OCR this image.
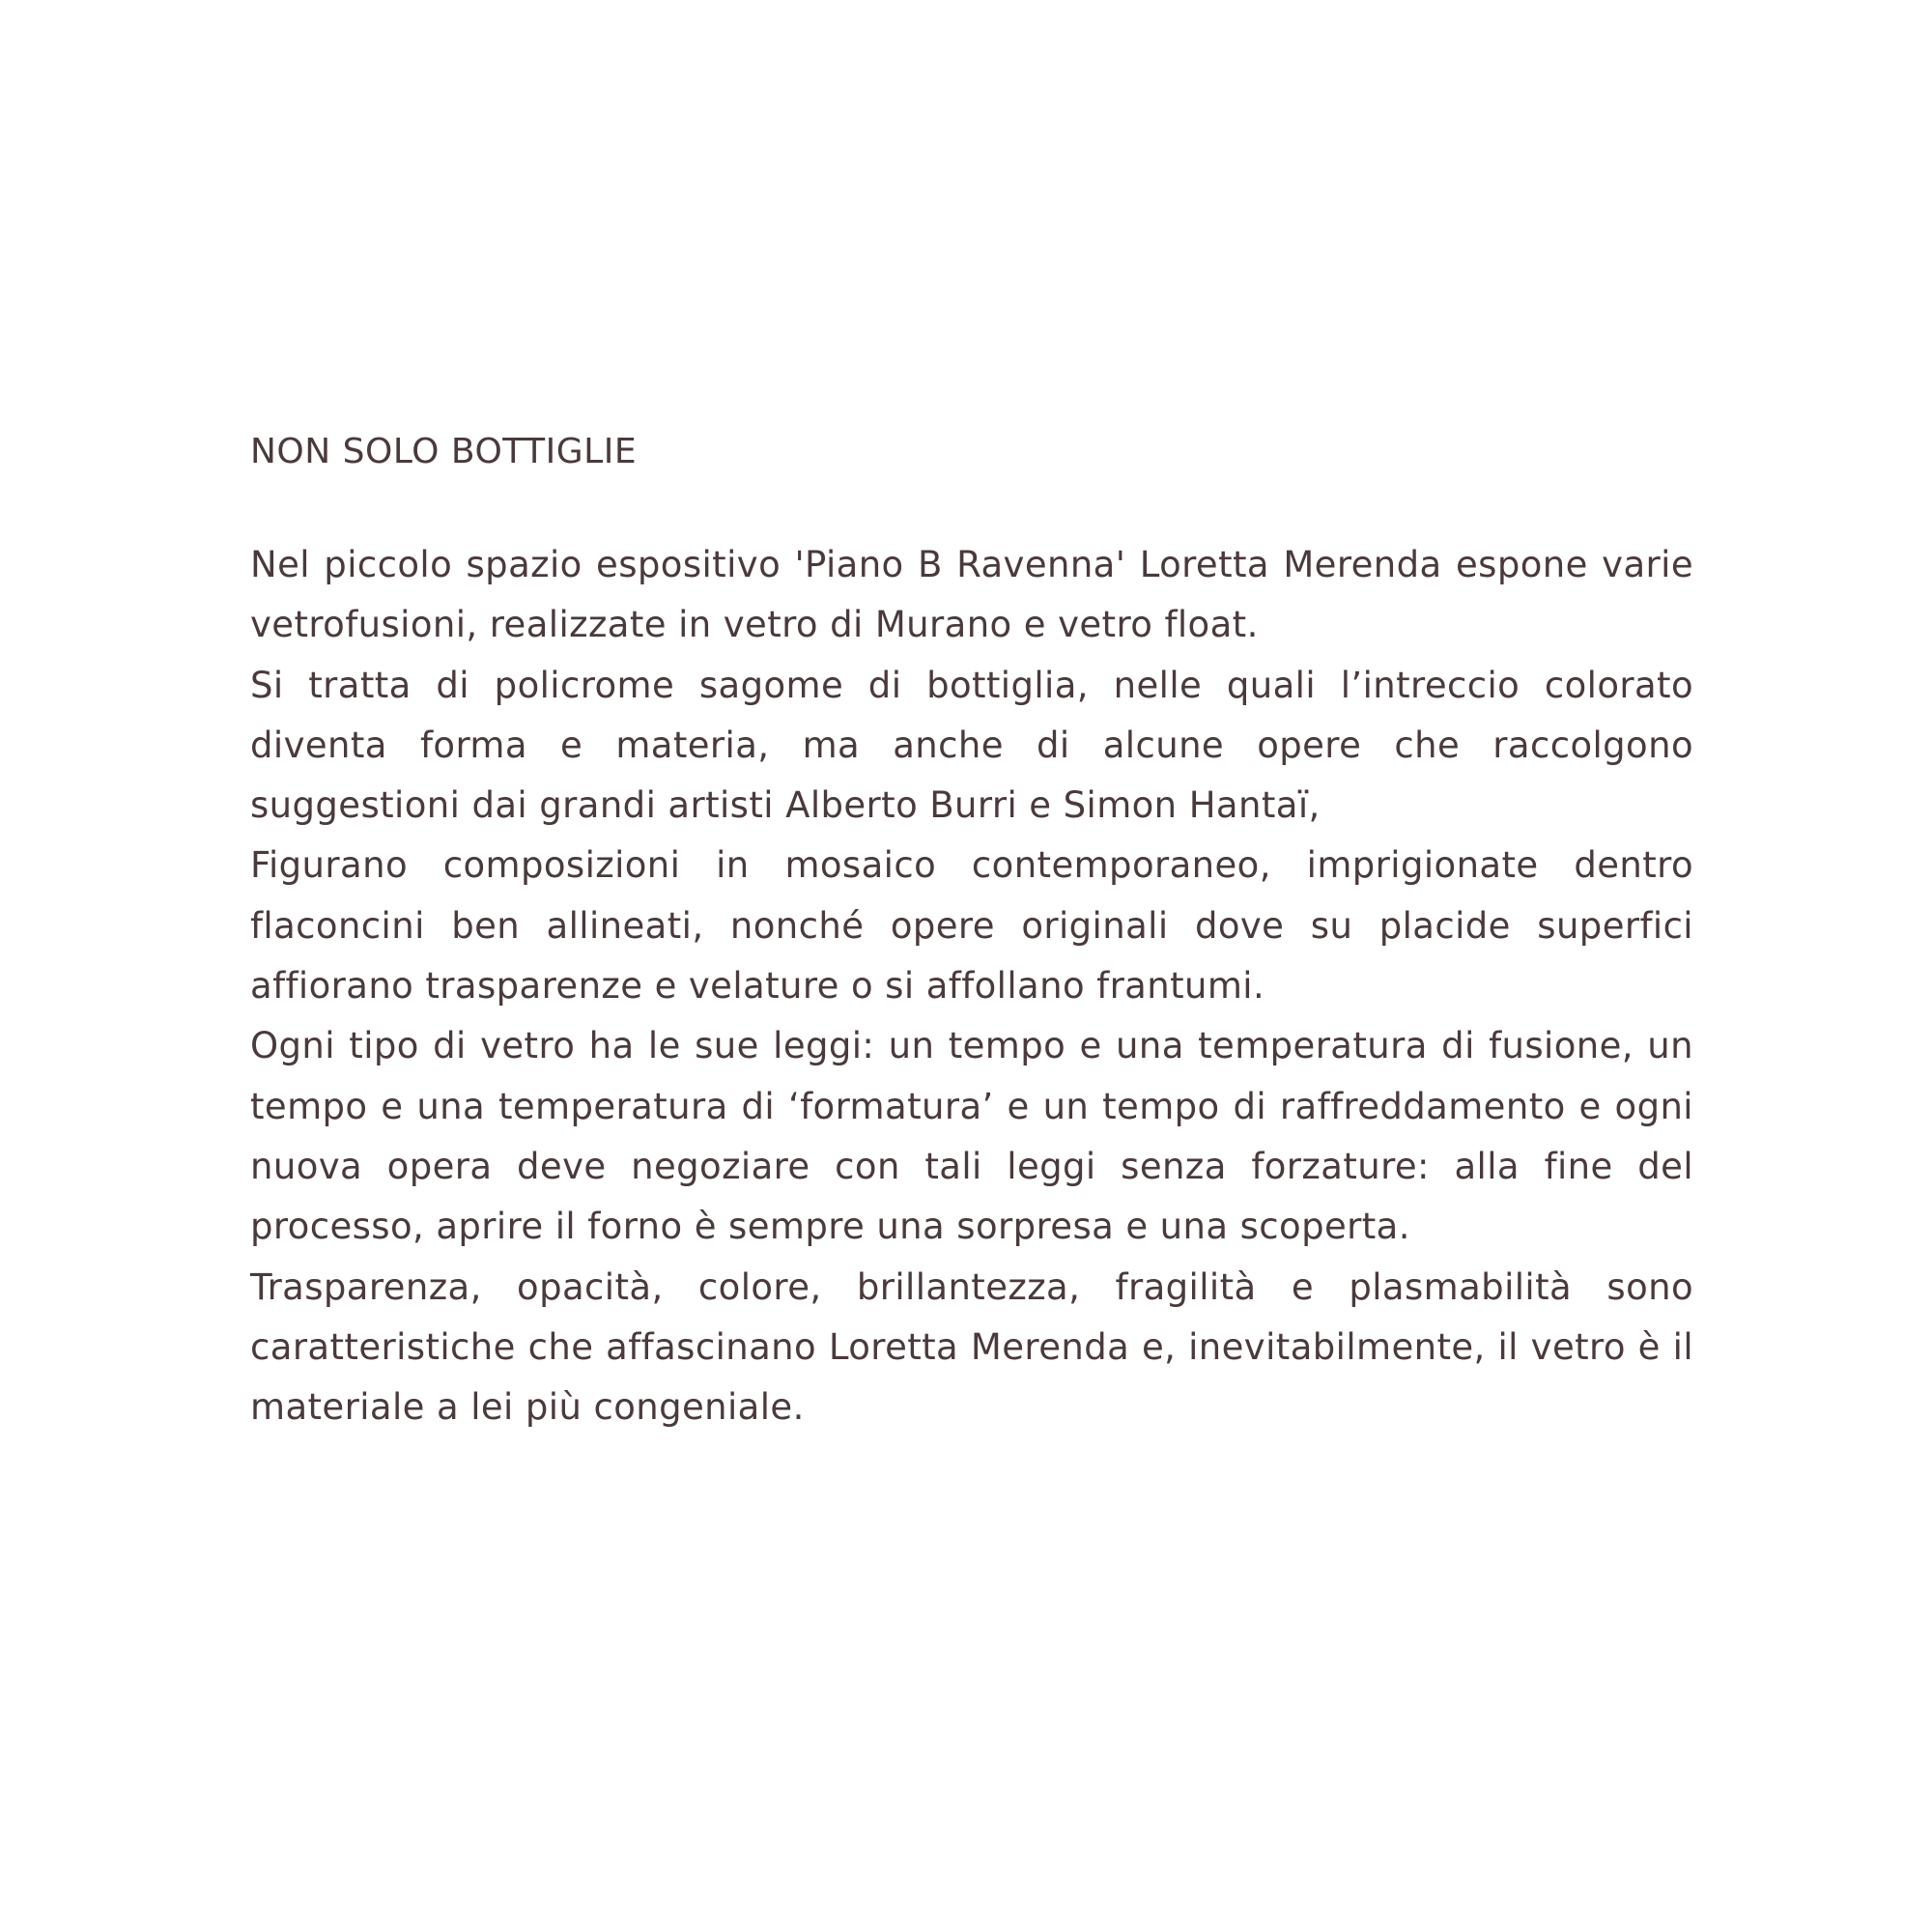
NON SOLO BOTTIGLIE

Nel piccolo spazio espositivo 'Piano B Ravenna' Loretta Merenda espone varie vetrofusioni, realizzate in vetro di Murano e vetro float.

Si tratta di policrome sagome di bottiglia, nelle quali l’intreccio colorato diventa forma e materia, ma anche di alcune opere che raccolgono suggestioni dai grandi artisti Alberto Burri e Simon Hantaï,

Figurano composizioni in mosaico contemporaneo, imprigionate dentro flaconcini ben allineati, nonché opere originali dove su placide superfici affiorano trasparenze e velature o si affollano frantumi.

Ogni tipo di vetro ha le sue leggi: un tempo e una temperatura di fusione, un tempo e una temperatura di ‘formatura’ e un tempo di raffreddamento e ogni nuova opera deve negoziare con tali leggi senza forzature: alla fine del processo, aprire il forno è sempre una sorpresa e una scoperta.

Trasparenza, opacità, colore, brillantezza, fragilità e plasmabilità sono caratteristiche che affascinano Loretta Merenda e, inevitabilmente, il vetro è il materiale a lei più congeniale.
